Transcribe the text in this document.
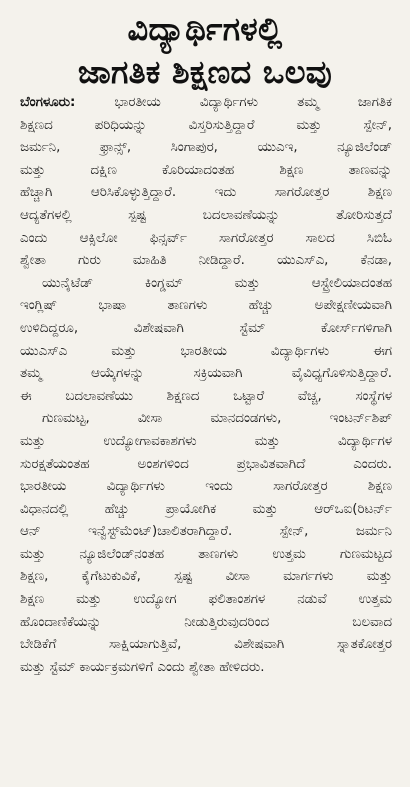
ವಿದ್ಯಾರ್ಥಿಗಳಲ್ಲಿ
ಜಾಗತಿಕ ಶಿಕ್ಷಣದ ಒಲವು
ಬೆಂಗಳೂರು: ಭಾರತೀಯ ವಿದ್ಯಾರ್ಥಿಗಳು ತಮ್ಮ ಜಾಗತಿಕ
ಶಿಕ್ಷಣದ ಪರಿಧಿಯನ್ನು ವಿಸ್ತರಿಸುತ್ತಿದ್ದಾರೆ ಮತ್ತು ಸ್ಪೇನ್,
ಜರ್ಮನಿ, ಫ್ರಾನ್ಸ್, ಸಿಂಗಾಪುರ, ಯುಎಇ, ನ್ಯೂಜಿಲೆಂಡ್
ಮತ್ತು ದಕ್ಷಿಣ ಕೊರಿಯಾದಂತಹ ಶಿಕ್ಷಣ ತಾಣವನ್ನು
ಹೆಚ್ಚಾಗಿ ಆರಿಸಿಕೊಳ್ಳುತ್ತಿದ್ದಾರೆ. ಇದು ಸಾಗರೋತ್ತರ ಶಿಕ್ಷಣ
ಆದ್ಯತೆಗಳಲ್ಲಿ ಸ್ಪಷ್ಟ ಬದಲಾವಣೆಯನ್ನು ತೋರಿಸುತ್ತದೆ
ಎಂದು ಆಕ್ಸಿಲೋ ಫಿನ್ಸರ್ವ್ ಸಾಗರೋತ್ತರ ಸಾಲದ ಸಿಬಿಓ
ಶ್ವೇತಾ ಗುರು ಮಾಹಿತಿ ನೀಡಿದ್ದಾರೆ. ಯುಎಸ್‌ಎ, ಕೆನಡಾ,
ಯುನೈಟೆಡ್ ಕಿಂಗ್ಡಮ್ ಮತ್ತು ಆಸ್ಟ್ರೇಲಿಯಾದಂತಹ
ಇಂಗ್ಲಿಷ್ ಭಾಷಾ ತಾಣಗಳು ಹೆಚ್ಚು ಅಪೇಕ್ಷಣೀಯವಾಗಿ
ಉಳಿದಿದ್ದರೂ, ವಿಶೇಷವಾಗಿ ಸ್ಟೆಮ್ ಕೋರ್ಸ್‌ಗಳಿಗಾಗಿ
ಯುಎಸ್‌ಎ ಮತ್ತು ಭಾರತೀಯ ವಿದ್ಯಾರ್ಥಿಗಳು ಈಗ
ತಮ್ಮ ಆಯ್ಕೆಗಳನ್ನು ಸಕ್ರಿಯವಾಗಿ ವೈವಿಧ್ಯಗೊಳಿಸುತ್ತಿದ್ದಾರೆ.
ಈ ಬದಲಾವಣೆಯು ಶಿಕ್ಷಣದ ಒಟ್ಟಾರೆ ವೆಚ್ಚ, ಸಂಸ್ಥೆಗಳ
ಗುಣಮಟ್ಟ, ವೀಸಾ ಮಾನದಂಡಗಳು, ಇಂಟರ್ನ್‌ಶಿಪ್
ಮತ್ತು ಉದ್ಯೋಗಾವಕಾಶಗಳು ಮತ್ತು ವಿದ್ಯಾರ್ಥಿಗಳ
ಸುರಕ್ಷತೆಯಂತಹ ಅಂಶಗಳಿಂದ ಪ್ರಭಾವಿತವಾಗಿದೆ ಎಂದರು.
ಭಾರತೀಯ ವಿದ್ಯಾರ್ಥಿಗಳು ಇಂದು ಸಾಗರೋತ್ತರ ಶಿಕ್ಷಣ
ವಿಧಾನದಲ್ಲಿ ಹೆಚ್ಚು ಪ್ರಾಯೋಗಿಕ ಮತ್ತು ಆರ್‌ಒಐ(ರಿಟರ್ನ್
ಆನ್ ಇನ್ವೆಸ್ಟ್‌ಮೆಂಟ್)ಚಾಲಿತರಾಗಿದ್ದಾರೆ. ಸ್ಪೇನ್, ಜರ್ಮನಿ
ಮತ್ತು ನ್ಯೂಜಿಲೆಂಡ್‌ನಂತಹ ತಾಣಗಳು ಉತ್ತಮ ಗುಣಮಟ್ಟದ
ಶಿಕ್ಷಣ, ಕೈಗೆಟುಕುವಿಕೆ, ಸ್ಪಷ್ಟ ವೀಸಾ ಮಾರ್ಗಗಳು ಮತ್ತು
ಶಿಕ್ಷಣ ಮತ್ತು ಉದ್ಯೋಗ ಫಲಿತಾಂಶಗಳ ನಡುವೆ ಉತ್ತಮ
ಹೊಂದಾಣಿಕೆಯನ್ನು ನೀಡುತ್ತಿರುವುದರಿಂದ ಬಲವಾದ
ಬೇಡಿಕೆಗೆ ಸಾಕ್ಷಿಯಾಗುತ್ತಿವೆ, ವಿಶೇಷವಾಗಿ ಸ್ನಾತಕೋತ್ತರ
ಮತ್ತು ಸ್ಟೆಮ್ ಕಾರ್ಯಕ್ರಮಗಳಿಗೆ ಎಂದು ಶ್ವೇತಾ ಹೇಳಿದರು.
